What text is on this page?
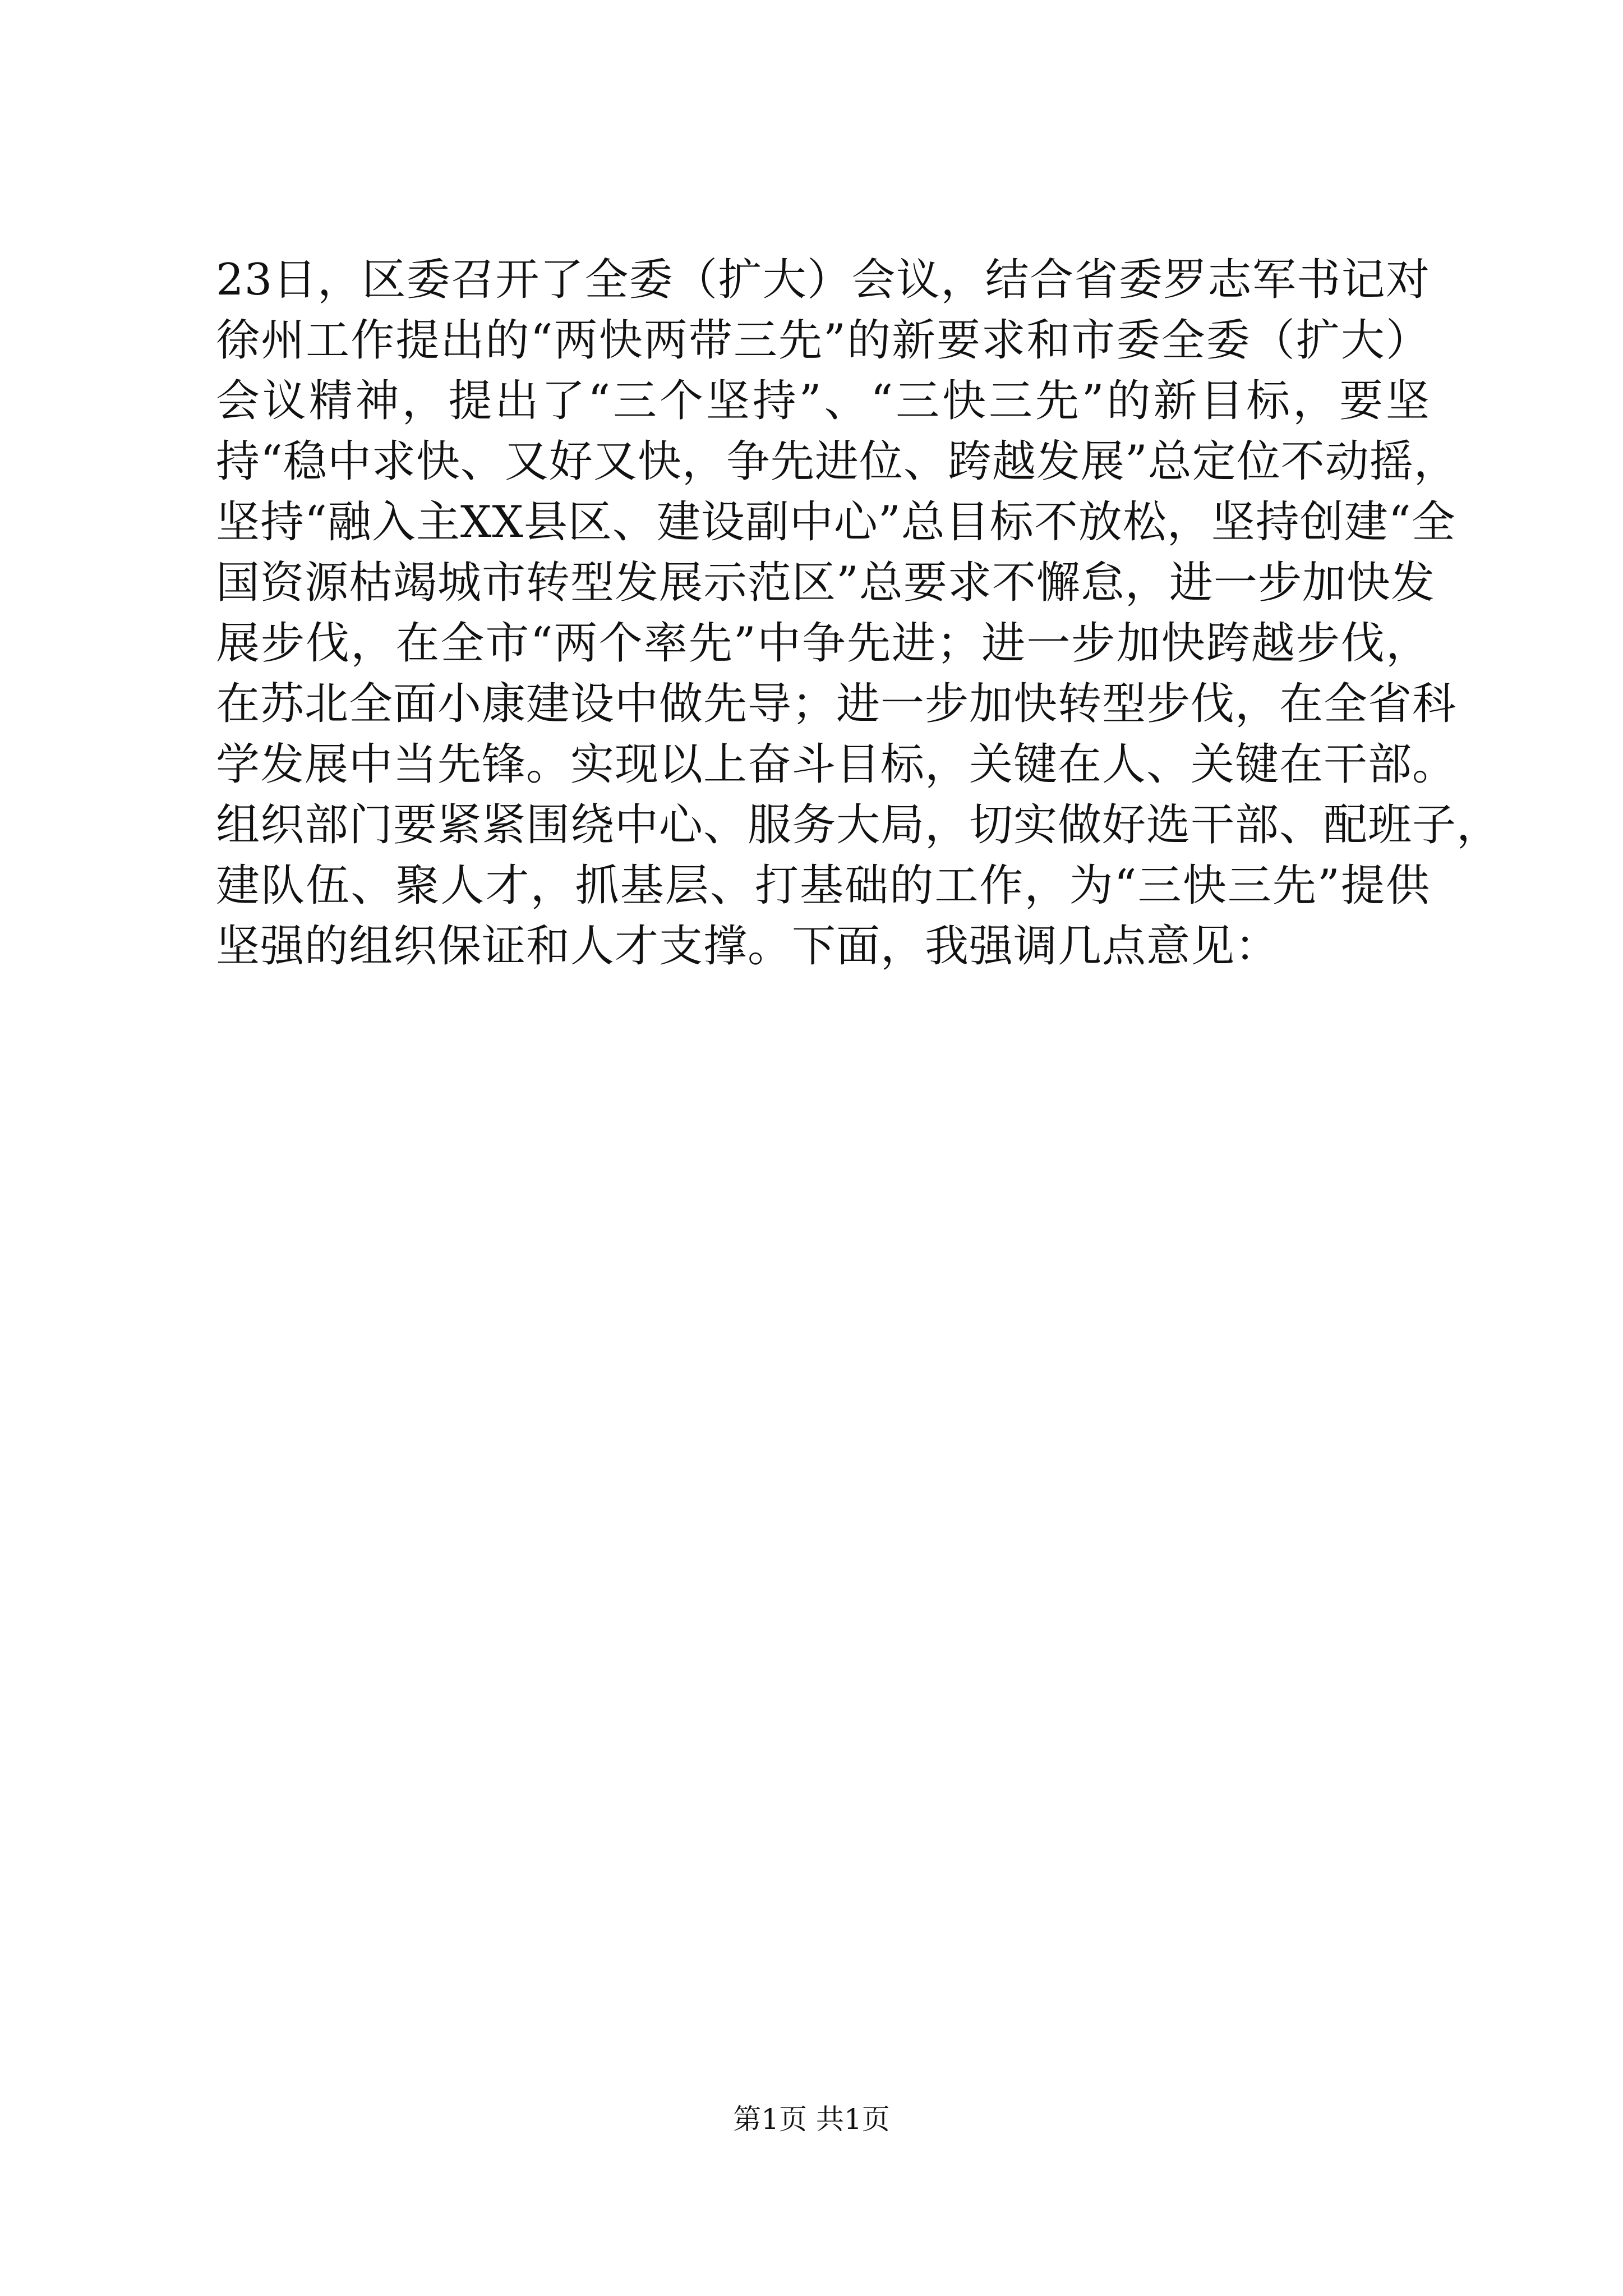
23日，区委召开了全委（扩大）会议，结合省委罗志军书记对
徐州工作提出的“两快两带三先”的新要求和市委全委（扩大）
会议精神，提出了“三个坚持”、“三快三先”的新目标，要坚
持“稳中求快、又好又快，争先进位、跨越发展”总定位不动摇，
坚持“融入主XX县区、建设副中心”总目标不放松，坚持创建“全
国资源枯竭城市转型发展示范区”总要求不懈怠，进一步加快发
展步伐，在全市“两个率先”中争先进；进一步加快跨越步伐，
在苏北全面小康建设中做先导；进一步加快转型步伐，在全省科
学发展中当先锋。实现以上奋斗目标，关键在人、关键在干部。
组织部门要紧紧围绕中心、服务大局，切实做好选干部、配班子，
建队伍、聚人才，抓基层、打基础的工作，为“三快三先”提供
坚强的组织保证和人才支撑。下面，我强调几点意见：
第1页 共1页
